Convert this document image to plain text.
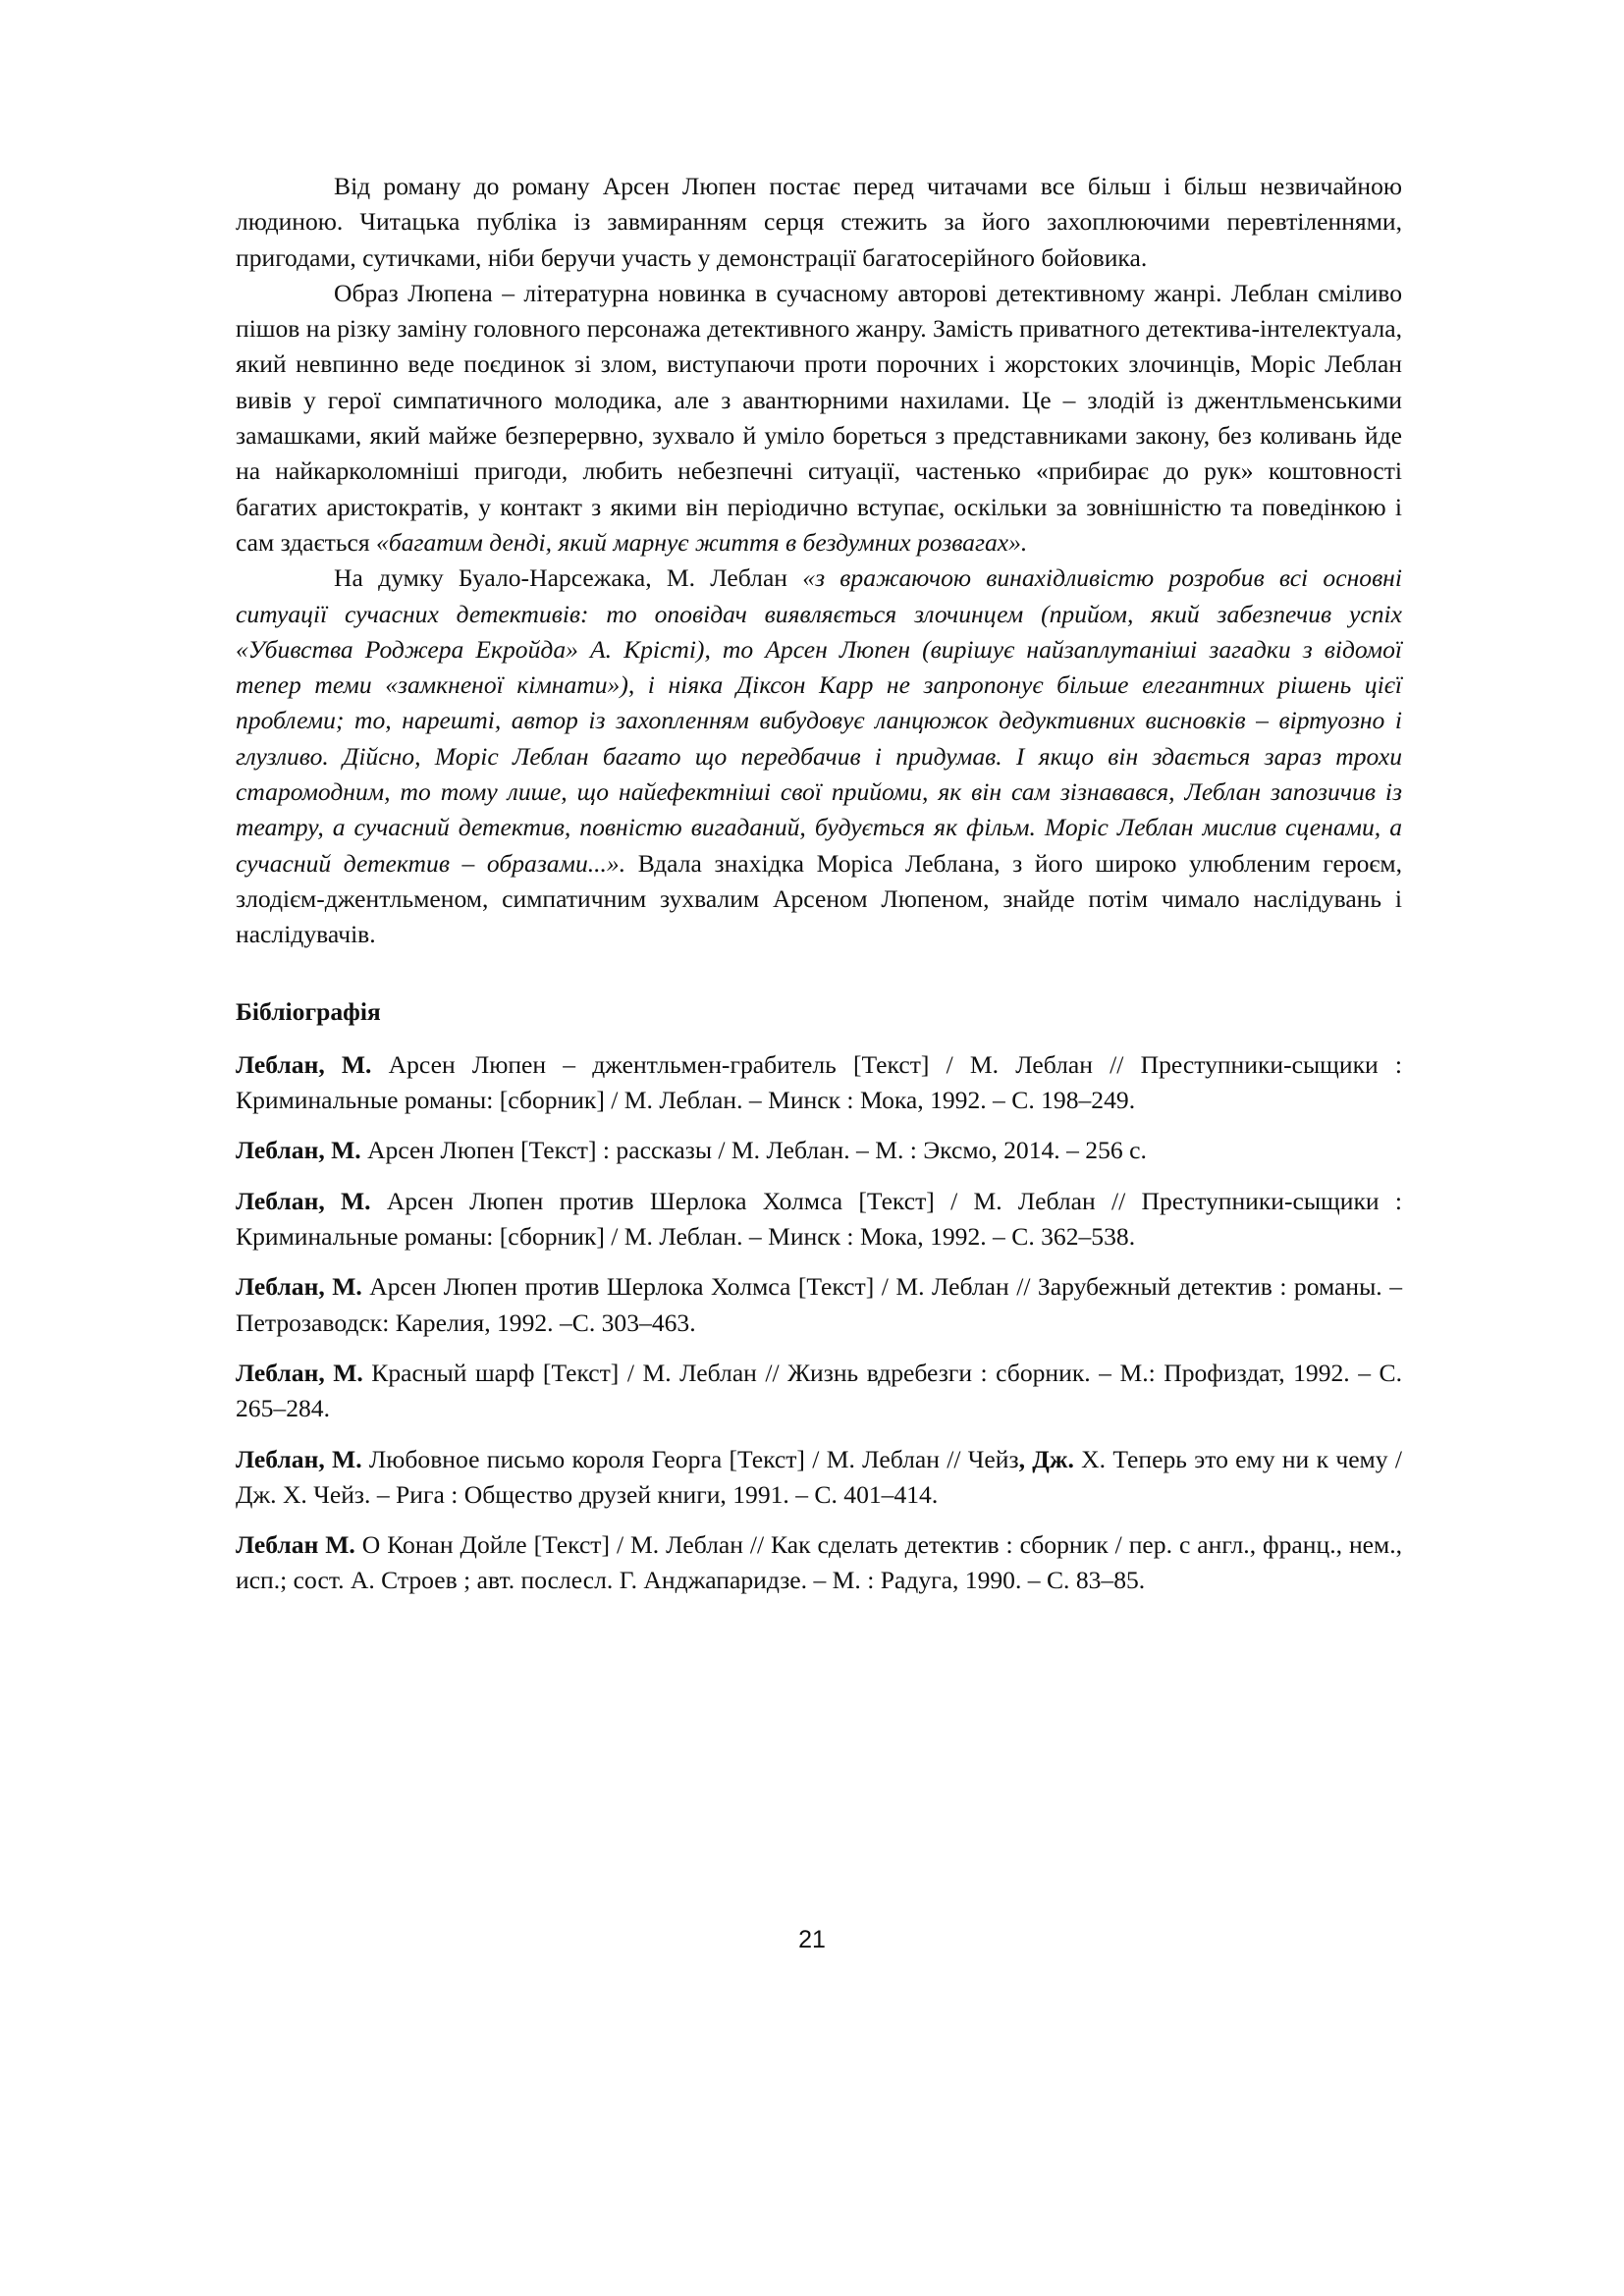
Від роману до роману Арсен Люпен постає перед читачами все більш і більш незвичайною людиною. Читацька публіка із завмиранням серця стежить за його захоплюючими перевтіленнями, пригодами, сутичками, ніби беручи участь у демонстрації багатосерійного бойовика.

Образ Люпена – літературна новинка в сучасному авторові детективному жанрі. Леблан сміливо пішов на різку заміну головного персонажа детективного жанру. Замість приватного детектива-інтелектуала, який невпинно веде поєдинок зі злом, виступаючи проти порочних і жорстоких злочинців, Моріс Леблан вивів у герої симпатичного молодика, але з авантюрними нахилами. Це – злодій із джентльменськими замашками, який майже безперервно, зухвало й уміло бореться з представниками закону, без коливань йде на найкарколомніші пригоди, любить небезпечні ситуації, частенько «прибирає до рук» коштовності багатих аристократів, у контакт з якими він періодично вступає, оскільки за зовнішністю та поведінкою і сам здається «багатим денді, який марнує життя в бездумних розвагах».

На думку Буало-Нарсежака, М. Леблан «з вражаючою винахідливістю розробив всі основні ситуації сучасних детективів: то оповідач виявляється злочинцем (прийом, який забезпечив успіх «Убивства Роджера Екройда» А. Крісті), то Арсен Люпен (вирішує найзаплутаніші загадки з відомої тепер теми «замкненої кімнати»), і ніяка Діксон Карр не запропонує більше елегантних рішень цієї проблеми; то, нарешті, автор із захопленням вибудовує ланцюжок дедуктивних висновків – віртуозно і глузливо. Дійсно, Моріс Леблан багато що передбачив і придумав. І якщо він здається зараз трохи старомодним, то тому лише, що найефектніші свої прийоми, як він сам зізнавався, Леблан запозичив із театру, а сучасний детектив, повністю вигаданий, будується як фільм. Моріс Леблан мислив сценами, а сучасний детектив – образами...». Вдала знахідка Моріса Леблана, з його широко улюбленим героєм, злодієм-джентльменом, симпатичним зухвалим Арсеном Люпеном, знайде потім чимало наслідувань і наслідувачів.

Бібліографія
Леблан, М. Арсен Люпен – джентльмен-грабитель [Текст] / М. Леблан // Преступники-сыщики : Криминальные романы: [сборник] / М. Леблан. – Минск : Мока, 1992. – С. 198–249.
Леблан, М. Арсен Люпен [Текст] : рассказы / М. Леблан. – М. : Эксмо, 2014. – 256 с.
Леблан, М. Арсен Люпен против Шерлока Холмса [Текст] / М. Леблан // Преступники-сыщики : Криминальные романы: [сборник] / М. Леблан. – Минск : Мока, 1992. – С. 362–538.
Леблан, М. Арсен Люпен против Шерлока Холмса [Текст] / М. Леблан // Зарубежный детектив : романы. – Петрозаводск: Карелия, 1992. –С. 303–463.
Леблан, М. Красный шарф [Текст] / М. Леблан // Жизнь вдребезги : сборник. – М.: Профиздат, 1992. – С. 265–284.
Леблан, М. Любовное письмо короля Георга [Текст] / М. Леблан // Чейз, Дж. Х. Теперь это ему ни к чему / Дж. Х. Чейз. – Рига : Общество друзей книги, 1991. – С. 401–414.
Леблан М. О Конан Дойле [Текст] / М. Леблан // Как сделать детектив : сборник / пер. с англ., франц., нем., исп.; сост. А. Строев ; авт. послесл. Г. Анджапаридзе. – М. : Радуга, 1990. – С. 83–85.
21
